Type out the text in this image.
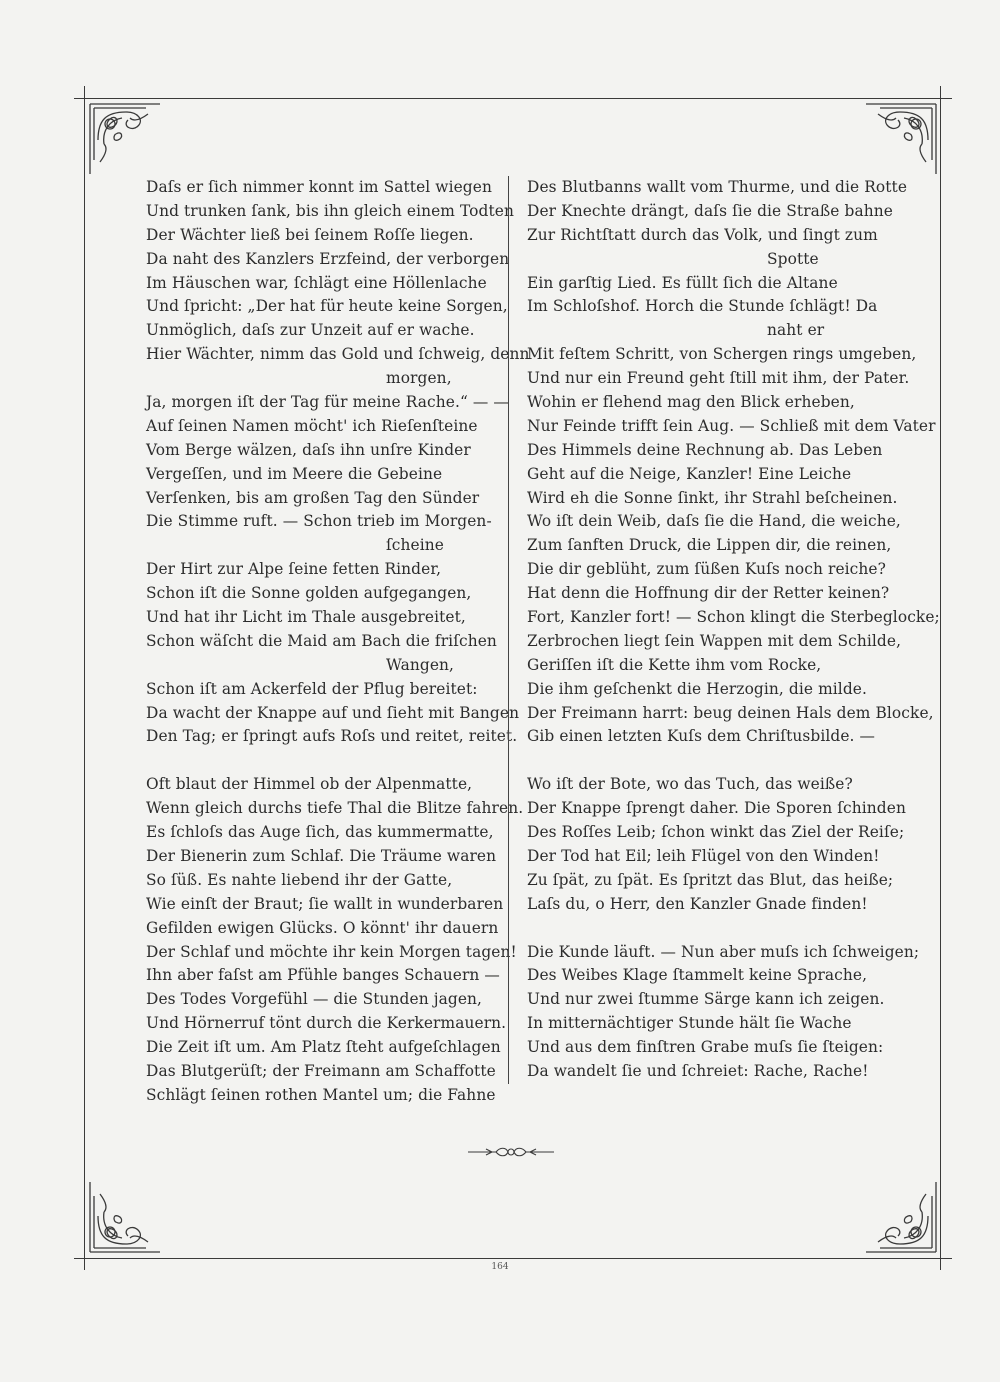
Daſs er ſich nimmer konnt im Sattel wiegen
Und trunken ſank, bis ihn gleich einem Todten
Der Wächter ließ bei ſeinem Roſſe liegen.
Da naht des Kanzlers Erzfeind, der verborgen
Im Häuschen war, ſchlägt eine Höllenlache
Und ſpricht: „Der hat für heute keine Sorgen,
Unmöglich, daſs zur Unzeit auf er wache.
Hier Wächter, nimm das Gold und ſchweig, denn
morgen,
Ja, morgen iſt der Tag für meine Rache.“ — —
Auf ſeinen Namen möcht' ich Rieſenſteine
Vom Berge wälzen, daſs ihn unſre Kinder
Vergeſſen, und im Meere die Gebeine
Verſenken, bis am großen Tag den Sünder
Die Stimme ruft. — Schon trieb im Morgen-
ſcheine
Der Hirt zur Alpe ſeine fetten Rinder,
Schon iſt die Sonne golden aufgegangen,
Und hat ihr Licht im Thale ausgebreitet,
Schon wäſcht die Maid am Bach die friſchen
Wangen,
Schon iſt am Ackerfeld der Pflug bereitet:
Da wacht der Knappe auf und ſieht mit Bangen
Den Tag; er ſpringt aufs Roſs und reitet, reitet.
Oft blaut der Himmel ob der Alpenmatte,
Wenn gleich durchs tiefe Thal die Blitze fahren.
Es ſchloſs das Auge ſich, das kummermatte,
Der Bienerin zum Schlaf. Die Träume waren
So ſüß. Es nahte liebend ihr der Gatte,
Wie einſt der Braut; ſie wallt in wunderbaren
Gefilden ewigen Glücks. O könnt' ihr dauern
Der Schlaf und möchte ihr kein Morgen tagen!
Ihn aber faſst am Pfühle banges Schauern —
Des Todes Vorgefühl — die Stunden jagen,
Und Hörnerruf tönt durch die Kerkermauern.
Die Zeit iſt um. Am Platz ſteht aufgeſchlagen
Das Blutgerüſt; der Freimann am Schaffotte
Schlägt ſeinen rothen Mantel um; die Fahne
Des Blutbanns wallt vom Thurme, und die Rotte
Der Knechte drängt, daſs ſie die Straße bahne
Zur Richtſtatt durch das Volk, und ſingt zum
Spotte
Ein garſtig Lied. Es füllt ſich die Altane
Im Schloſshof. Horch die Stunde ſchlägt! Da
naht er
Mit feſtem Schritt, von Schergen rings umgeben,
Und nur ein Freund geht ſtill mit ihm, der Pater.
Wohin er flehend mag den Blick erheben,
Nur Feinde trifft ſein Aug. — Schließ mit dem Vater
Des Himmels deine Rechnung ab. Das Leben
Geht auf die Neige, Kanzler! Eine Leiche
Wird eh die Sonne ſinkt, ihr Strahl beſcheinen.
Wo iſt dein Weib, daſs ſie die Hand, die weiche,
Zum ſanften Druck, die Lippen dir, die reinen,
Die dir geblüht, zum ſüßen Kuſs noch reiche?
Hat denn die Hoffnung dir der Retter keinen?
Fort, Kanzler fort! — Schon klingt die Sterbeglocke;
Zerbrochen liegt ſein Wappen mit dem Schilde,
Geriſſen iſt die Kette ihm vom Rocke,
Die ihm geſchenkt die Herzogin, die milde.
Der Freimann harrt: beug deinen Hals dem Blocke,
Gib einen letzten Kuſs dem Chriſtusbilde. —
Wo iſt der Bote, wo das Tuch, das weiße?
Der Knappe ſprengt daher. Die Sporen ſchinden
Des Roſſes Leib; ſchon winkt das Ziel der Reiſe;
Der Tod hat Eil; leih Flügel von den Winden!
Zu ſpät, zu ſpät. Es ſpritzt das Blut, das heiße;
Laſs du, o Herr, den Kanzler Gnade finden!
Die Kunde läuft. — Nun aber muſs ich ſchweigen;
Des Weibes Klage ſtammelt keine Sprache,
Und nur zwei ſtumme Särge kann ich zeigen.
In mitternächtiger Stunde hält ſie Wache
Und aus dem finſtren Grabe muſs ſie ſteigen:
Da wandelt ſie und ſchreiet: Rache, Rache!
164
